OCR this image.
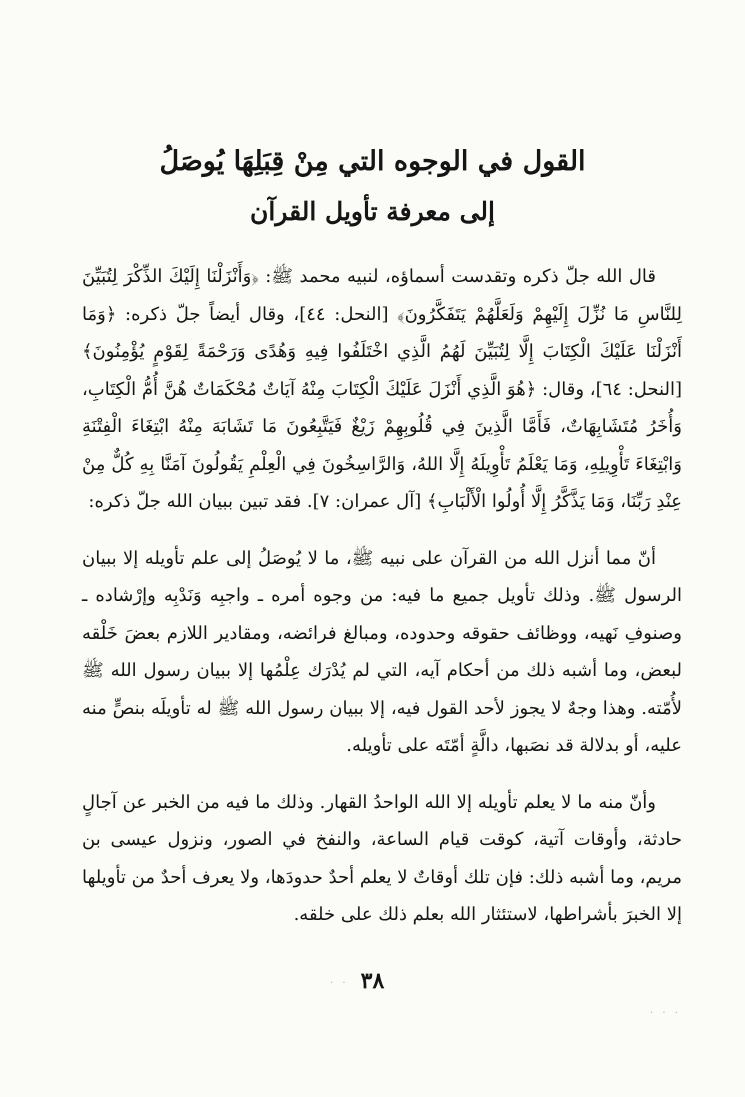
القول في الوجوه التي مِنْ قِبَلِهَا يُوصَلُ
إلى معرفة تأويل القرآن

قال الله جلّ ذكره وتقدست أسماؤه، لنبيه محمد ﷺ: ﴿وَأَنْزَلْنَا إِلَيْكَ الذِّكْرَ لِتُبَيِّنَ لِلنَّاسِ مَا نُزِّلَ إِلَيْهِمْ وَلَعَلَّهُمْ يَتَفَكَّرُونَ﴾ [النحل: ٤٤]، وقال أيضاً جلّ ذكره: ﴿وَمَا أَنْزَلْنَا عَلَيْكَ الْكِتَابَ إِلَّا لِتُبَيِّنَ لَهُمُ الَّذِي اخْتَلَفُوا فِيهِ وَهُدًى وَرَحْمَةً لِقَوْمٍ يُؤْمِنُونَ﴾ [النحل: ٦٤]، وقال: ﴿هُوَ الَّذِي أَنْزَلَ عَلَيْكَ الْكِتَابَ مِنْهُ آيَاتٌ مُحْكَمَاتٌ هُنَّ أُمُّ الْكِتَابِ، وَأُخَرُ مُتَشَابِهَاتٌ، فَأَمَّا الَّذِينَ فِي قُلُوبِهِمْ زَيْغٌ فَيَتَّبِعُونَ مَا تَشَابَهَ مِنْهُ ابْتِغَاءَ الْفِتْنَةِ وَابْتِغَاءَ تَأْوِيلِهِ، وَمَا يَعْلَمُ تَأْوِيلَهُ إِلَّا اللهُ، وَالرَّاسِخُونَ فِي الْعِلْمِ يَقُولُونَ آمَنَّا بِهِ كُلٌّ مِنْ عِنْدِ رَبِّنَا، وَمَا يَذَّكَّرُ إِلَّا أُولُوا الْأَلْبَابِ﴾ [آل عمران: ٧]. فقد تبين ببيان الله جلّ ذكره:

أنّ مما أنزل الله من القرآن على نبيه ﷺ، ما لا يُوصَلُ إلى علم تأويله إلا ببيان الرسول ﷺ. وذلك تأويل جميع ما فيه: من وجوه أمره ـ واجبِه وَنَدْبِه وإرْشاده ـ وصنوفِ نَهيه، ووظائف حقوقه وحدوده، ومبالغ فرائضه، ومقادير اللازم بعضَ خَلْقه لبعض، وما أشبه ذلك من أحكام آيه، التي لم يُدْرَك عِلْمُها إلا ببيان رسول الله ﷺ لأُمّته. وهذا وجهٌ لا يجوز لأحد القول فيه، إلا ببيان رسول الله ﷺ له تأويلَه بنصٍّ منه عليه، أو بدلالة قد نصَبها، دالَّةٍ أمّتَه على تأويله.

وأنّ منه ما لا يعلم تأويله إلا الله الواحدُ القهار. وذلك ما فيه من الخبر عن آجالٍ حادثة، وأوقات آتية، كوقت قيام الساعة، والنفخ في الصور، ونزول عيسى بن مريم، وما أشبه ذلك: فإن تلك أوقاتٌ لا يعلم أحدٌ حدودَها، ولا يعرف أحدٌ من تأويلها إلا الخبرَ بأشراطها، لاستئثار الله بعلم ذلك على خلقه.

٣٨
· ·
· · ·
